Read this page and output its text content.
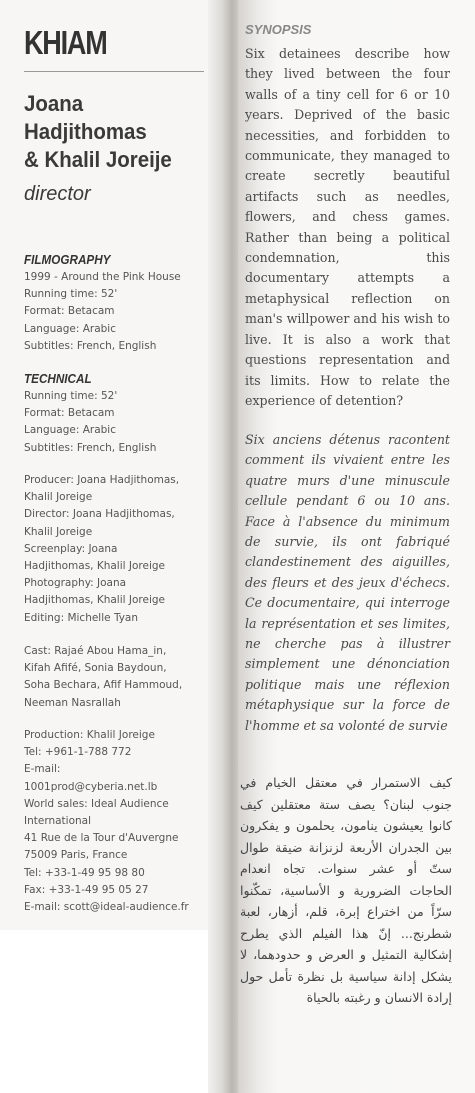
KHIAM
Joana
Hadjithomas
& Khalil Joreije
director
FILMOGRAPHY
1999 - Around the Pink House
Running time: 52'
Format: Betacam
Language: Arabic
Subtitles: French, English
TECHNICAL
Running time: 52'
Format: Betacam
Language: Arabic
Subtitles: French, English
Producer: Joana Hadjithomas,
Khalil Joreige
Director: Joana Hadjithomas,
Khalil Joreige
Screenplay: Joana
Hadjithomas, Khalil Joreige
Photography: Joana
Hadjithomas, Khalil Joreige
Editing: Michelle Tyan
Cast: Rajaé Abou Hama_in,
Kifah Afifé, Sonia Baydoun,
Soha Bechara, Afif Hammoud,
Neeman Nasrallah
Production: Khalil Joreige
Tel: +961-1-788 772
E-mail:
1001prod@cyberia.net.lb
World sales: Ideal Audience
International
41 Rue de la Tour d'Auvergne
75009 Paris, France
Tel: +33-1-49 95 98 80
Fax: +33-1-49 95 05 27
E-mail: scott@ideal-audience.fr
SYNOPSIS
Six detainees describe how they lived between the four walls of a tiny cell for 6 or 10 years. Deprived of the basic necessities, and forbidden to communicate, they managed to create secretly beautiful artifacts such as needles, flowers, and chess games. Rather than being a political condemnation, this documentary attempts a metaphysical reflection on man's willpower and his wish to live. It is also a work that questions representation and its limits. How to relate the experience of detention?
Six anciens détenus racontent comment ils vivaient entre les quatre murs d'une minuscule cellule pendant 6 ou 10 ans. Face à l'absence du minimum de survie, ils ont fabriqué clandestinement des aiguilles, des fleurs et des jeux d'échecs. Ce documentaire, qui interroge la représentation et ses limites, ne cherche pas à illustrer simplement une dénonciation politique mais une réflexion métaphysique sur la force de l'homme et sa volonté de survie
كيف الاستمرار في معتقل الخيام في جنوب لبنان؟ يصف ستة معتقلين كيف كانوا يعيشون ينامون، يحلمون و يفكرون بين الجدران الأربعة لزنزانة ضيقة طوال ستّ أو عشر سنوات. تجاه انعدام الحاجات الضرورية و الأساسية، تمكّنوا سرّاً من اختراع إبرة، قلم، أزهار، لعبة شطرنج... إنّ هذا الفيلم الذي يطرح إشكالية التمثيل و العرض و حدودهما، لا يشكل إدانة سياسية بل نظرة تأمل حول إرادة الانسان و رغبته بالحياة
